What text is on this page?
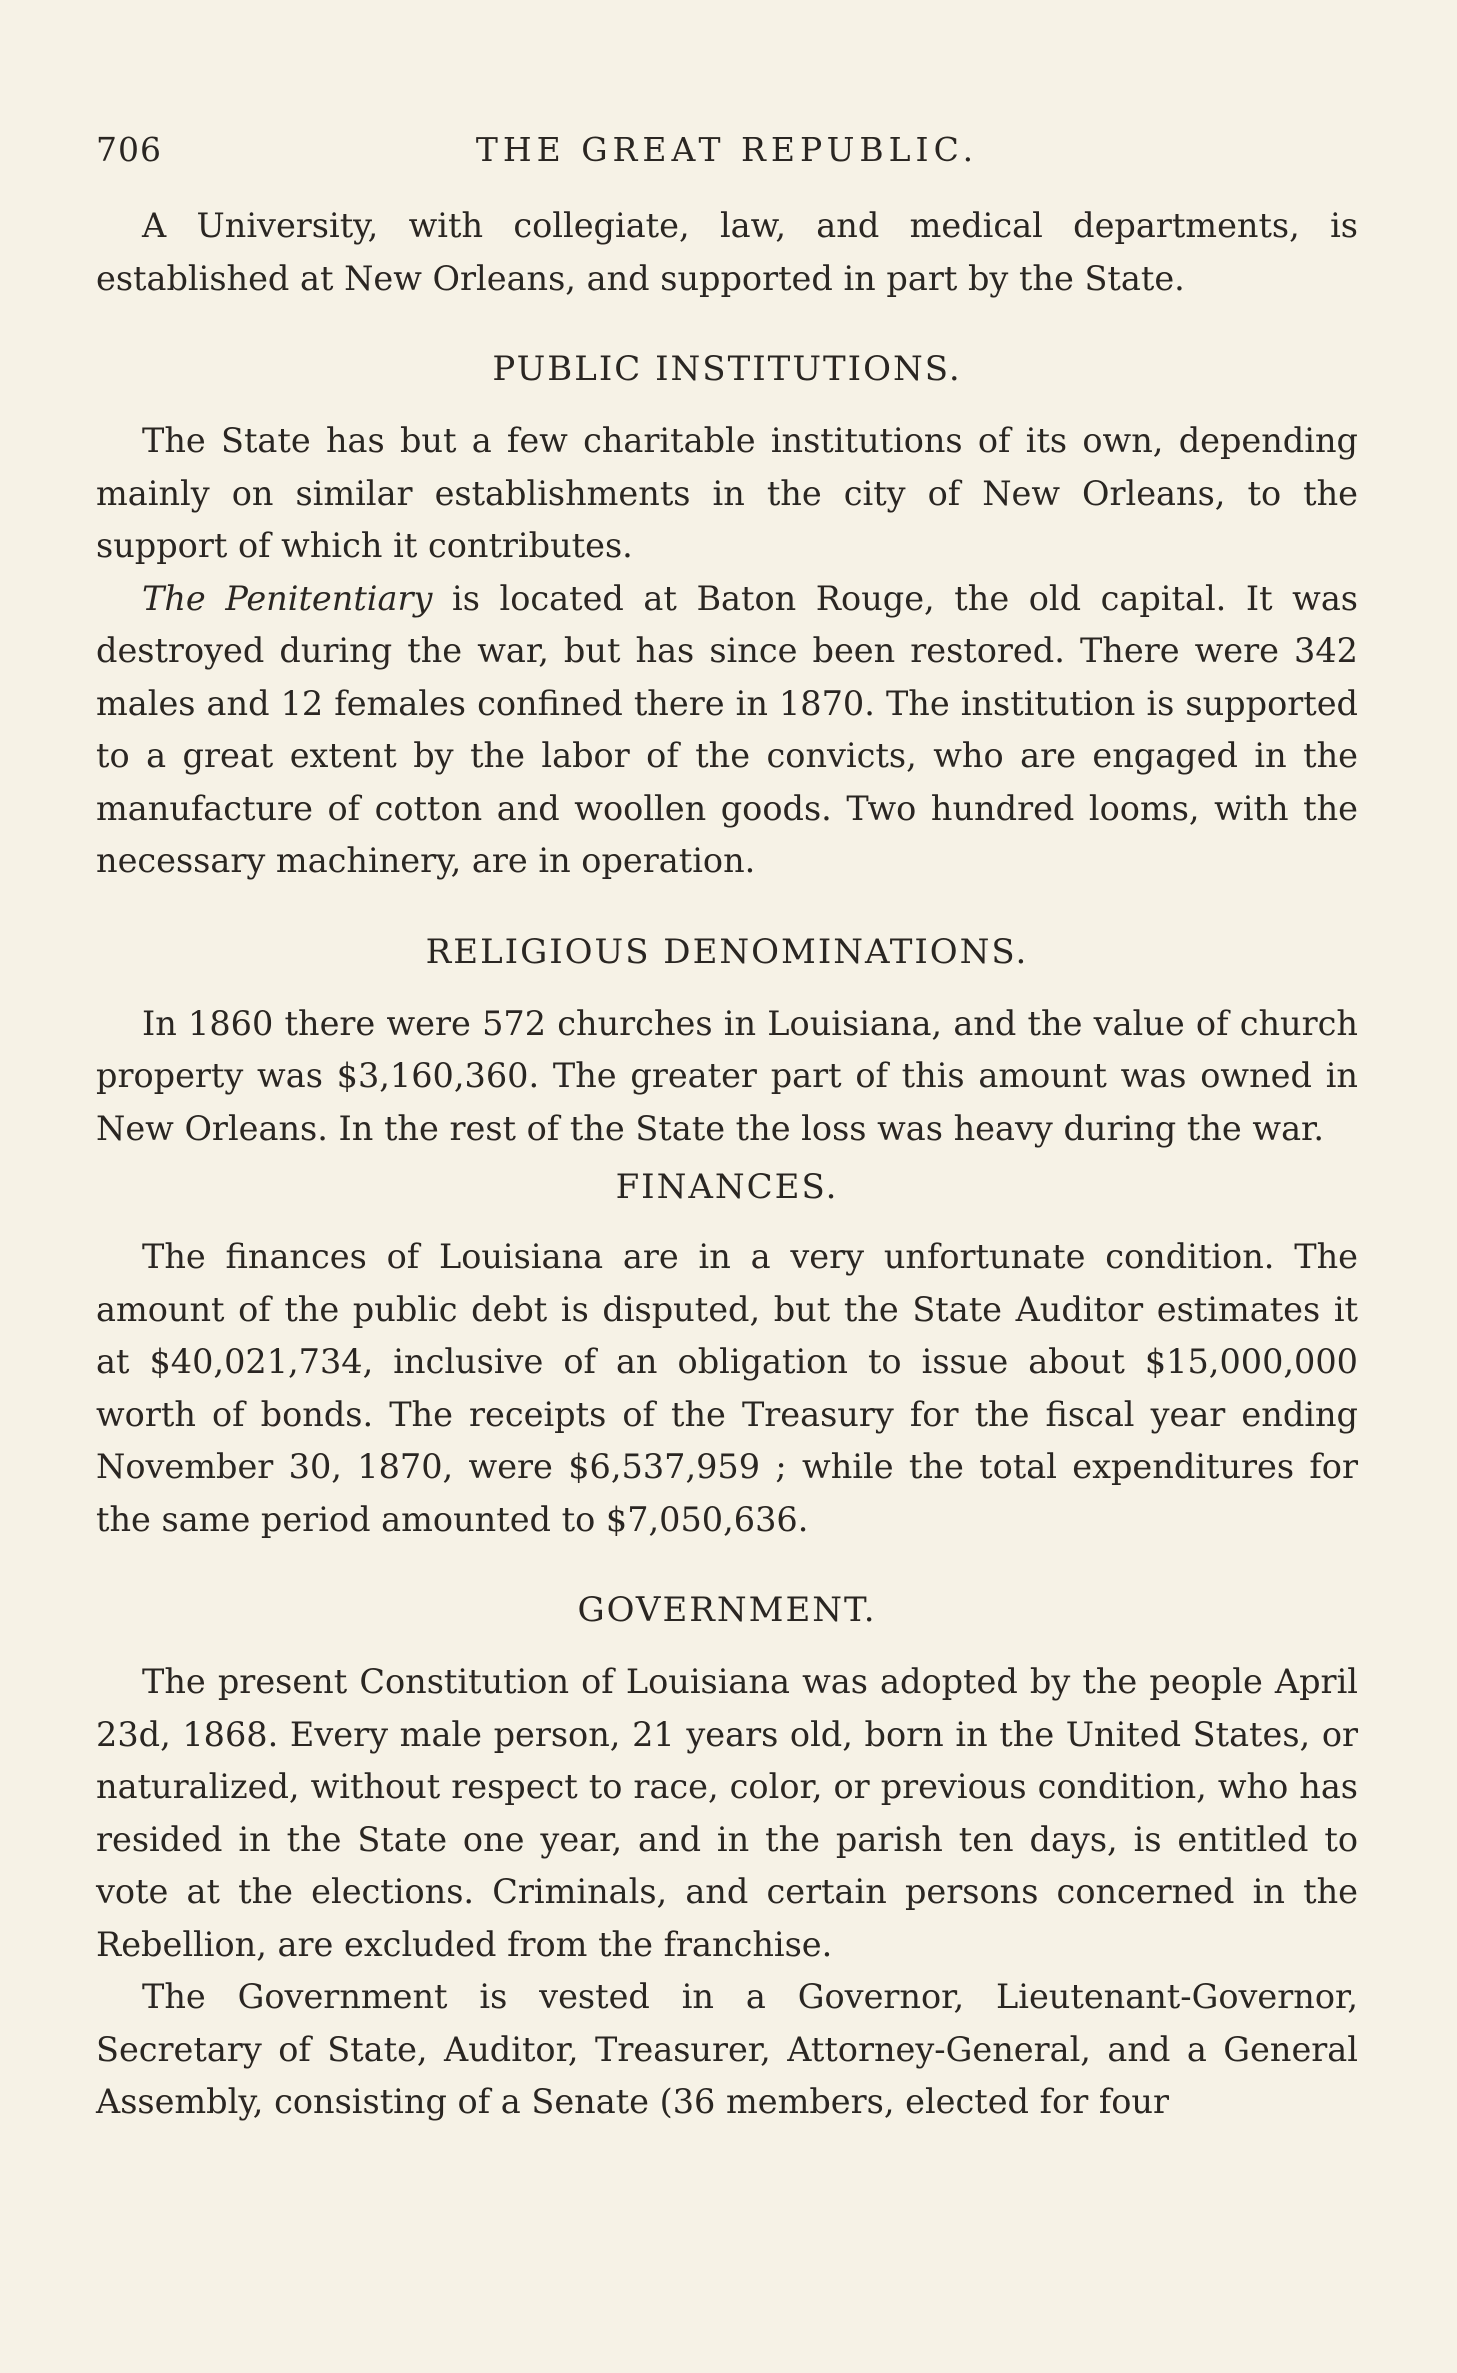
706	THE GREAT REPUBLIC.

A University, with collegiate, law, and medical departments, is established at New Orleans, and supported in part by the State.

PUBLIC INSTITUTIONS.

The State has but a few charitable institutions of its own, depending mainly on similar establishments in the city of New Orleans, to the support of which it contributes.

The Penitentiary is located at Baton Rouge, the old capital. It was destroyed during the war, but has since been restored. There were 342 males and 12 females confined there in 1870. The institution is supported to a great extent by the labor of the convicts, who are engaged in the manufacture of cotton and woollen goods. Two hundred looms, with the necessary machinery, are in operation.

RELIGIOUS DENOMINATIONS.

In 1860 there were 572 churches in Louisiana, and the value of church property was $3,160,360. The greater part of this amount was owned in New Orleans. In the rest of the State the loss was heavy during the war.

FINANCES.

The finances of Louisiana are in a very unfortunate condition. The amount of the public debt is disputed, but the State Auditor estimates it at $40,021,734, inclusive of an obligation to issue about $15,000,000 worth of bonds. The receipts of the Treasury for the fiscal year ending November 30, 1870, were $6,537,959 ; while the total expenditures for the same period amounted to $7,050,636.

GOVERNMENT.

The present Constitution of Louisiana was adopted by the people April 23d, 1868. Every male person, 21 years old, born in the United States, or naturalized, without respect to race, color, or previous condition, who has resided in the State one year, and in the parish ten days, is entitled to vote at the elections. Criminals, and certain persons concerned in the Rebellion, are excluded from the franchise.

The Government is vested in a Governor, Lieutenant-Governor, Secretary of State, Auditor, Treasurer, Attorney-General, and a General Assembly, consisting of a Senate (36 members, elected for four
